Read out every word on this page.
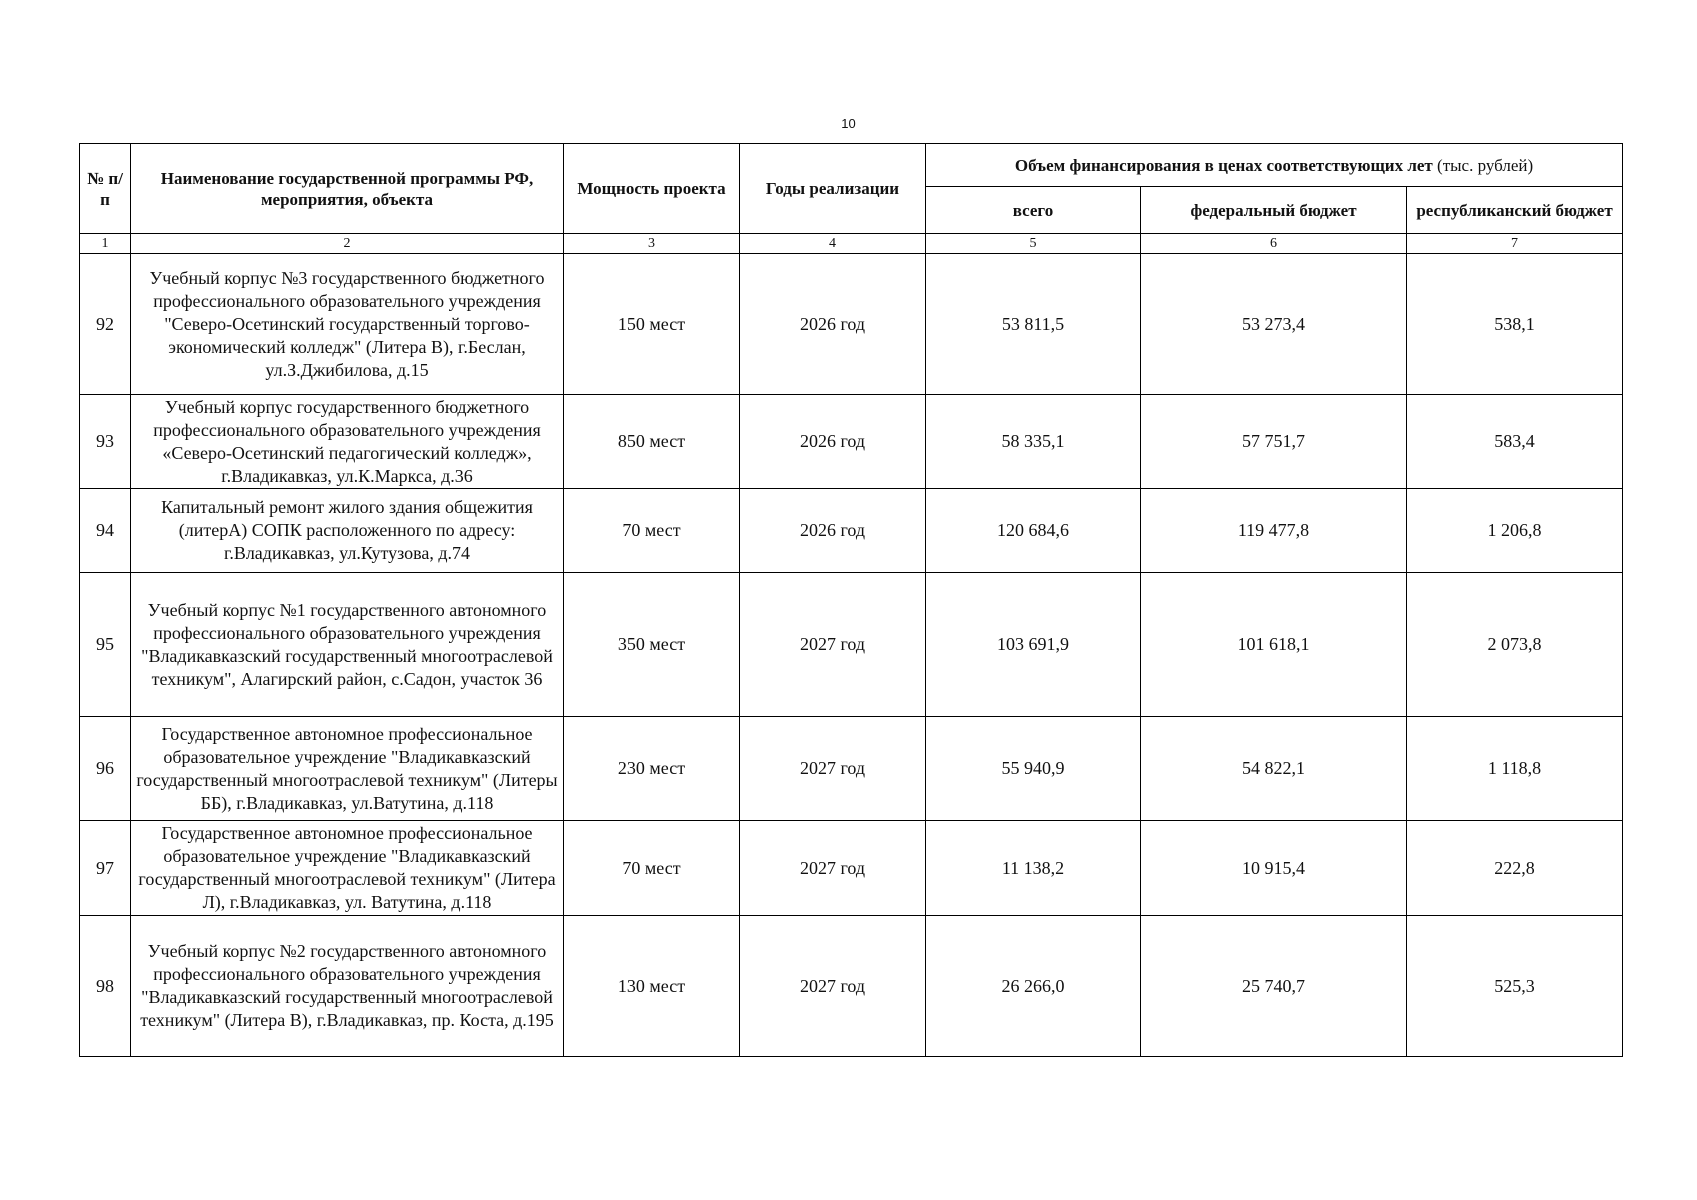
10
№ п/п	Наименование государственной программы РФ, мероприятия, объекта	Мощность проекта	Годы реализации	Объем финансирования в ценах соответствующих лет (тыс. рублей)		
				всего	федеральный бюджет	республиканский бюджет
1	2	3	4	5	6	7
92	Учебный корпус №3 государственного бюджетного профессионального образовательного учреждения "Северо-Осетинский государственный торгово-экономический колледж" (Литера В), г.Беслан, ул.З.Джибилова, д.15	150 мест	2026 год	53 811,5	53 273,4	538,1
93	Учебный корпус государственного бюджетного профессионального образовательного учреждения «Северо-Осетинский педагогический колледж», г.Владикавказ, ул.К.Маркса, д.36	850 мест	2026 год	58 335,1	57 751,7	583,4
94	Капитальный ремонт жилого здания общежития (литерА) СОПК расположенного по адресу: г.Владикавказ, ул.Кутузова, д.74	70 мест	2026 год	120 684,6	119 477,8	1 206,8
95	Учебный корпус №1 государственного автономного профессионального образовательного учреждения "Владикавказский государственный многоотраслевой техникум", Алагирский район, с.Садон, участок 36	350 мест	2027 год	103 691,9	101 618,1	2 073,8
96	Государственное автономное профессиональное образовательное учреждение "Владикавказский государственный многоотраслевой техникум" (Литеры ББ), г.Владикавказ, ул.Ватутина, д.118	230 мест	2027 год	55 940,9	54 822,1	1 118,8
97	Государственное автономное профессиональное образовательное учреждение "Владикавказский государственный многоотраслевой техникум" (Литера Л), г.Владикавказ, ул. Ватутина, д.118	70 мест	2027 год	11 138,2	10 915,4	222,8
98	Учебный корпус №2 государственного автономного профессионального образовательного учреждения "Владикавказский государственный многоотраслевой техникум" (Литера В), г.Владикавказ, пр. Коста, д.195	130 мест	2027 год	26 266,0	25 740,7	525,3
